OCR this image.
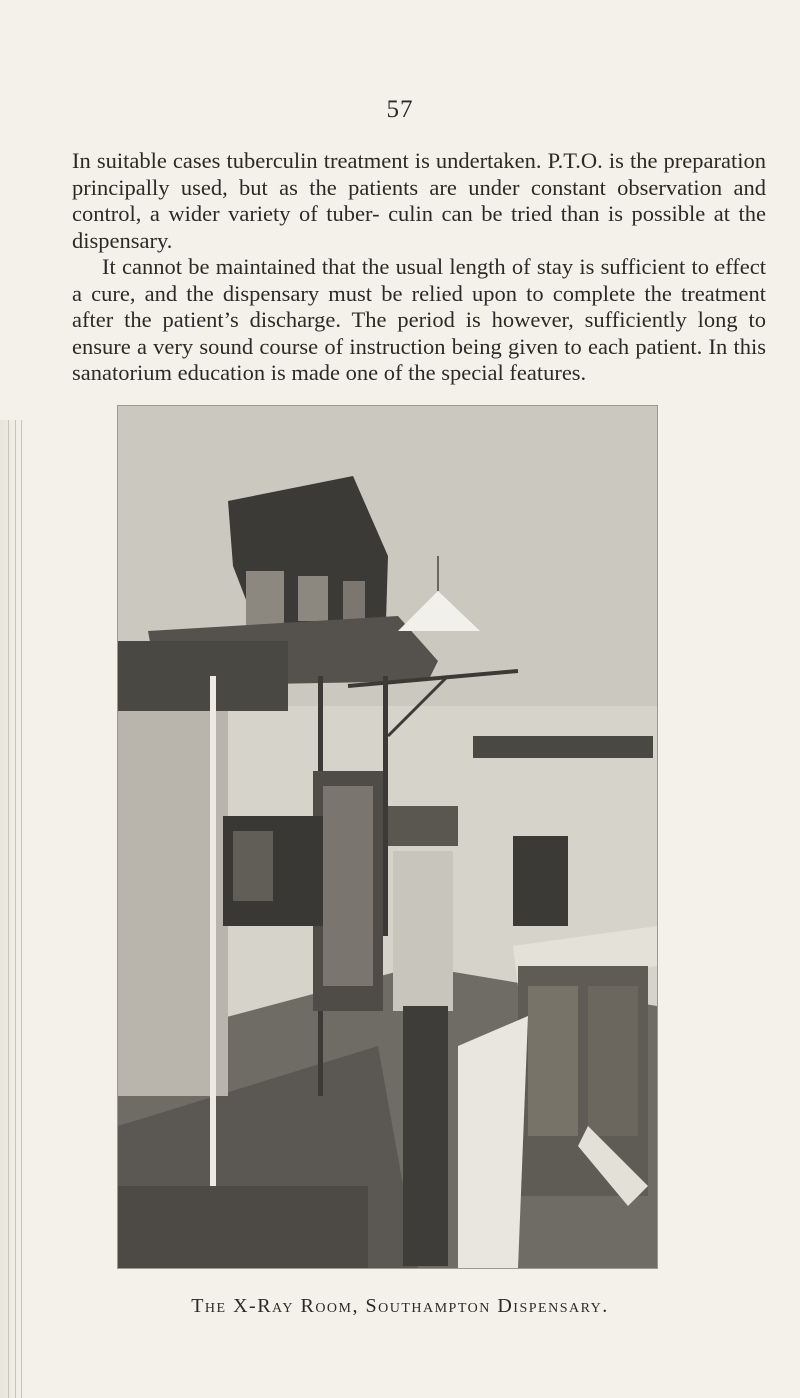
57

In suitable cases tuberculin treatment is undertaken. P.T.O. is the preparation principally used, but as the patients are under constant observation and control, a wider variety of tuber- culin can be tried than is possible at the dispensary.

It cannot be maintained that the usual length of stay is sufficient to effect a cure, and the dispensary must be relied upon to complete the treatment after the patient’s discharge. The period is however, sufficiently long to ensure a very sound course of instruction being given to each patient. In this sanatorium education is made one of the special features.

The X-Ray Room, Southampton Dispensary.
